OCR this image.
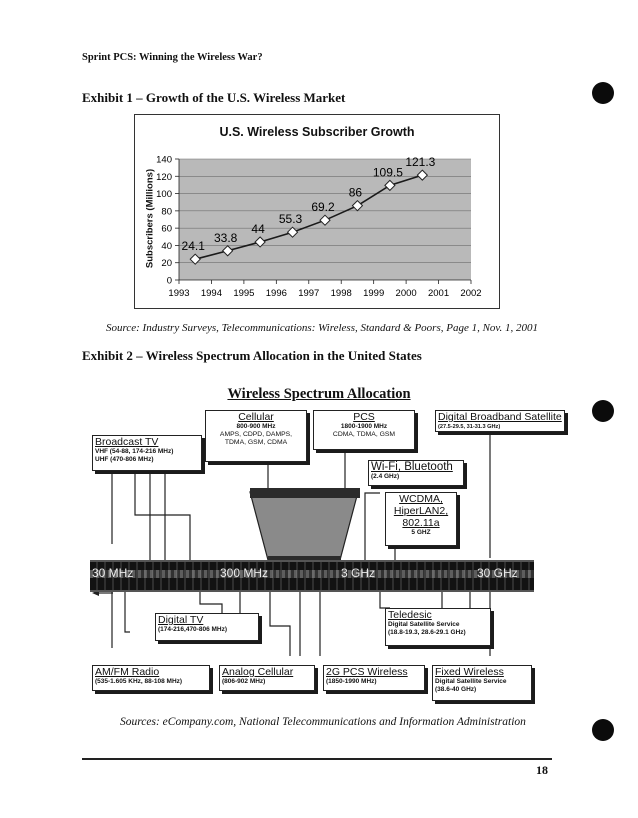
Sprint PCS: Winning the Wireless War?
Exhibit 1 – Growth of the U.S. Wireless Market
U.S. Wireless Subscriber Growth
Subscribers (Millions)
0
20
40
60
80
100
120
140
1993 1994 1995 1996 1997 1998 1999 2000 2001 2002
24.1
33.8
44
55.3
69.2
86
109.5
121.3
Source: Industry Surveys, Telecommunications: Wireless, Standard & Poors, Page 1, Nov. 1, 2001
Exhibit 2 – Wireless Spectrum Allocation in the United States
Wireless Spectrum Allocation
30 MHz	300 MHz	3 GHz	30 GHz
Cellular
800-900 MHz
AMPS, CDPD, DAMPS,
TDMA, GSM, CDMA
PCS
1800-1900 MHz
CDMA, TDMA, GSM
Digital Broadband Satellite
(27.5-29.5, 31-31.3 GHz)
Broadcast TV
VHF (54-88, 174-216 MHz)
UHF (470-806 MHz)
Wi-Fi, Bluetooth
(2.4 GHz)
WCDMA,
HiperLAN2,
802.11a
5 GHZ
Digital TV
(174-216,470-806 MHz)
Teledesic
Digital Satellite Service
(18.8-19.3, 28.6-29.1 GHz)
AM/FM Radio
(535-1.605 KHz, 88-108 MHz)
Analog Cellular
(806-902 MHz)
2G PCS Wireless
(1850-1990 MHz)
Fixed Wireless
Digital Satellite Service
(38.6-40 GHz)
Sources: eCompany.com, National Telecommunications and Information Administration
18
